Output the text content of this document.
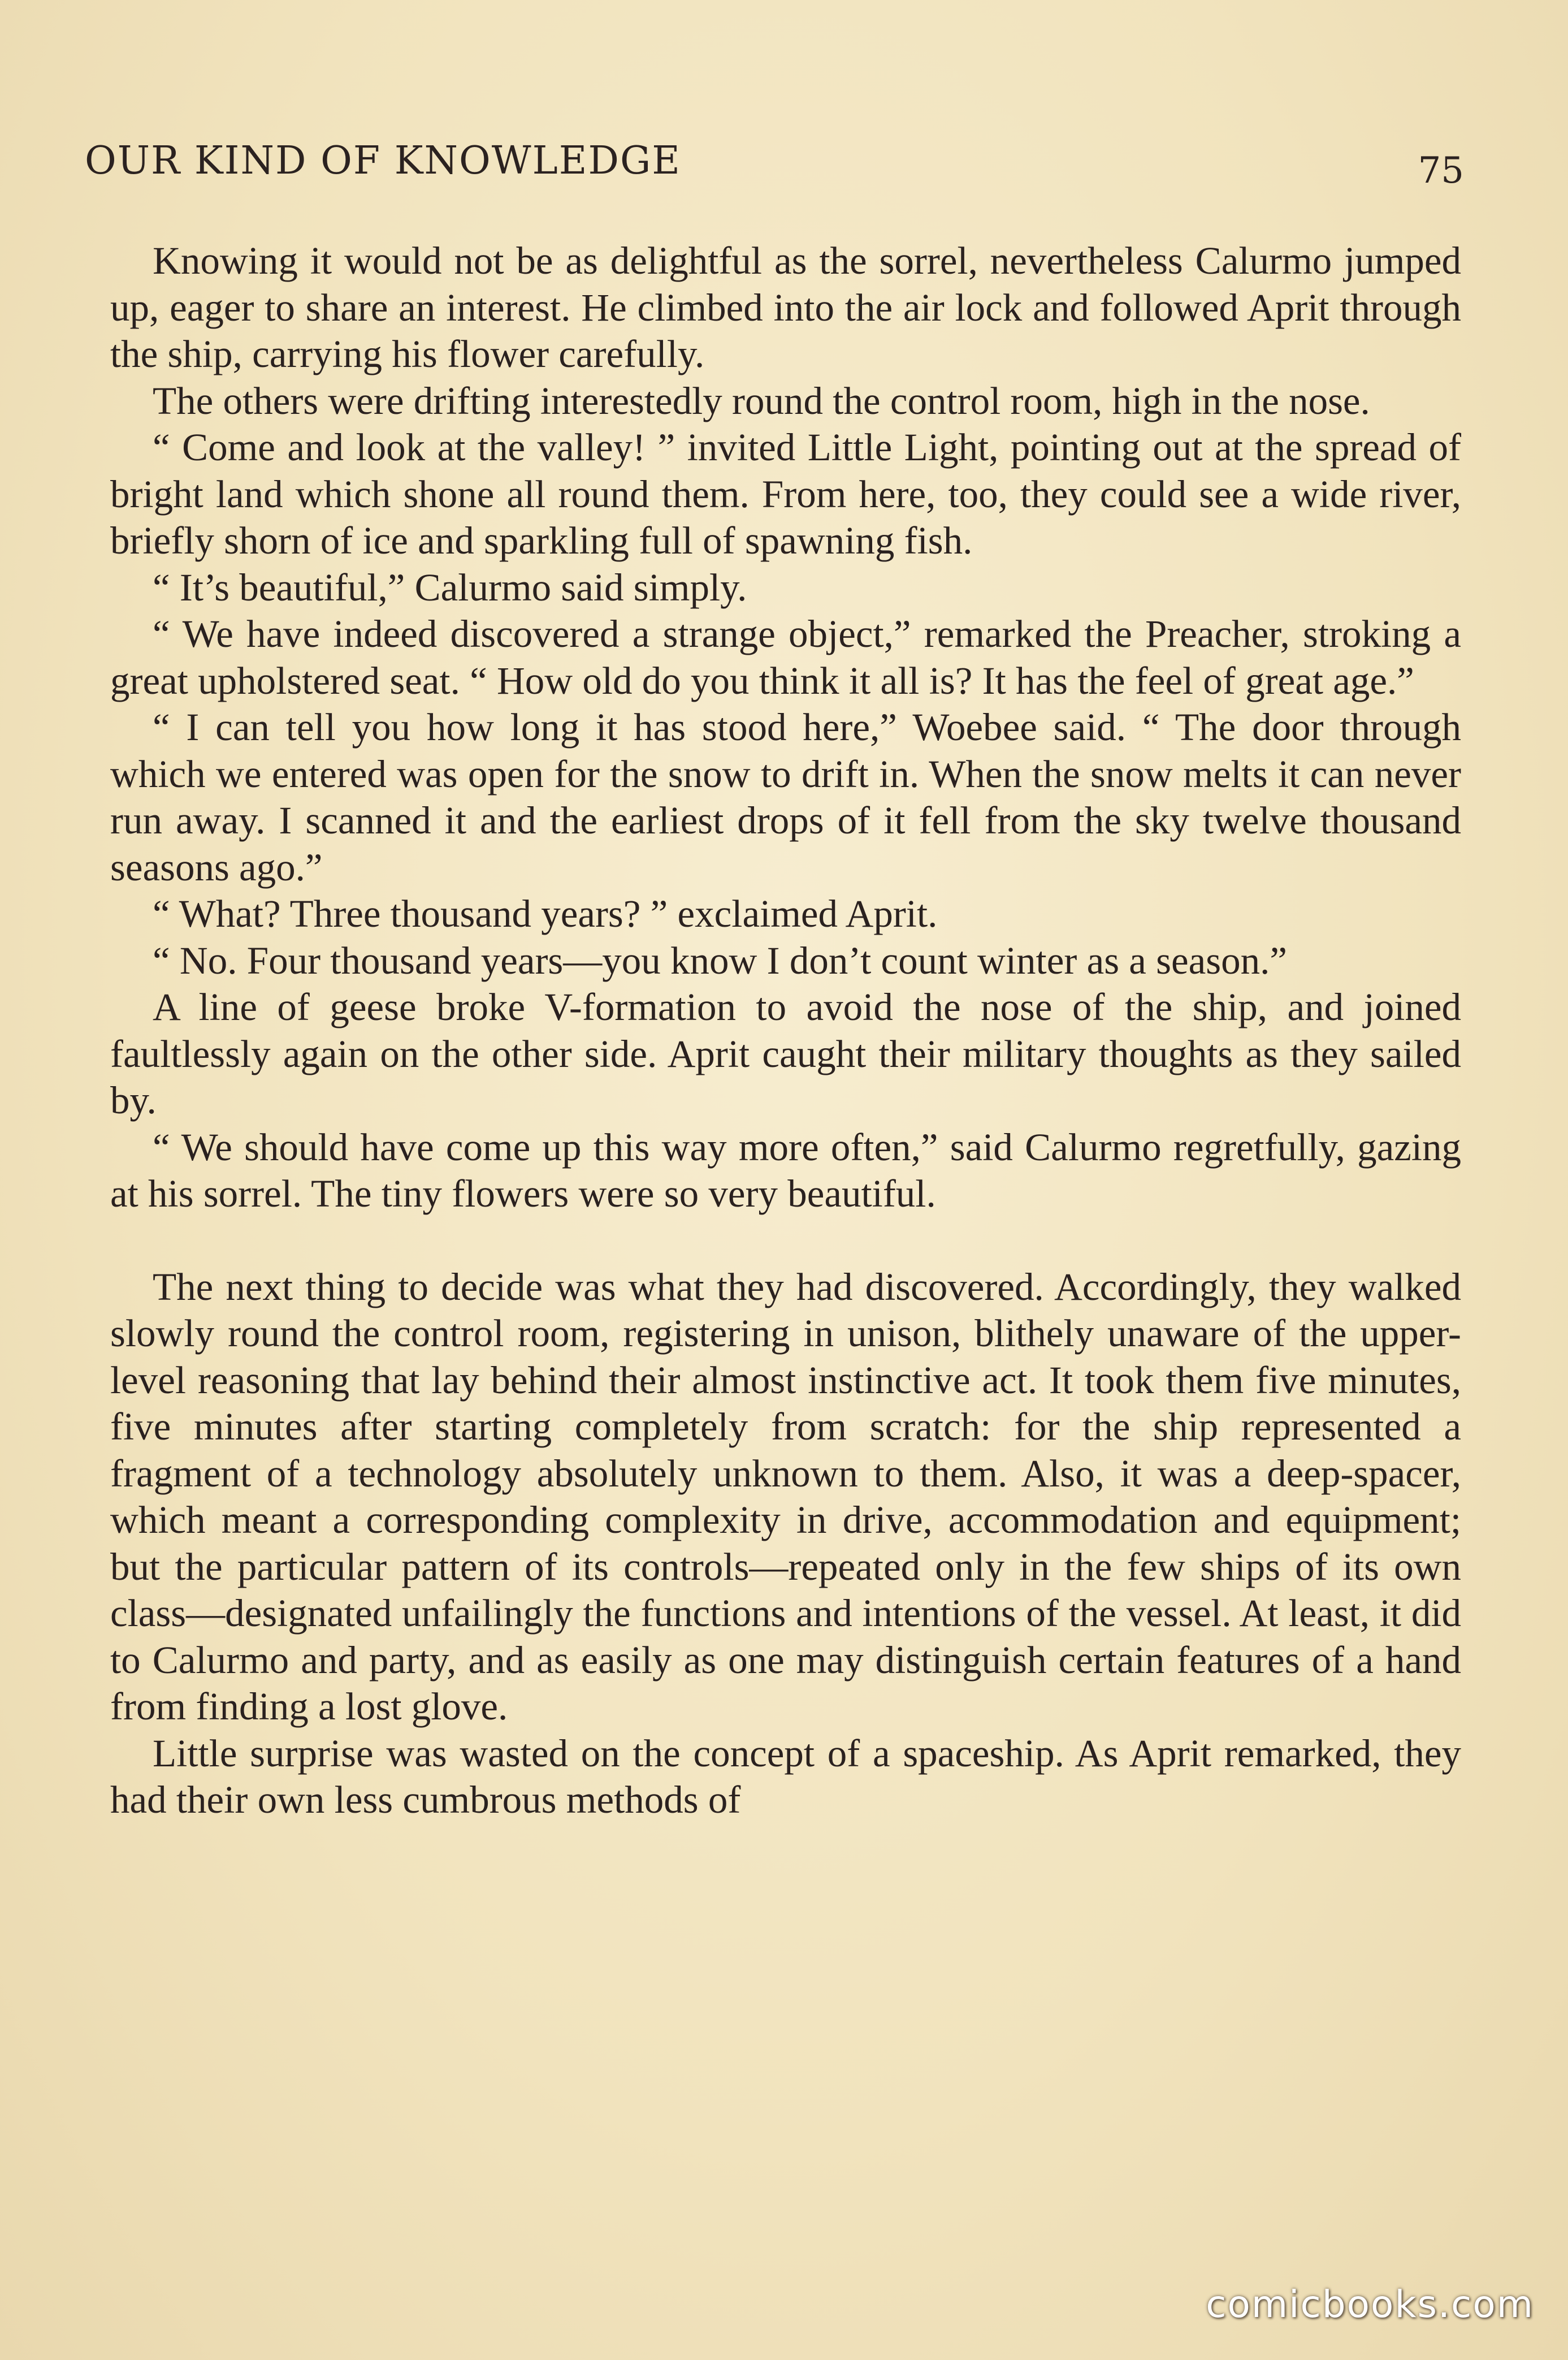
OUR KIND OF KNOWLEDGE	75

Knowing it would not be as delightful as the sorrel, nevertheless Calurmo jumped up, eager to share an interest. He climbed into the air lock and followed Aprit through the ship, carrying his flower carefully.

The others were drifting interestedly round the control room, high in the nose.

“ Come and look at the valley! ” invited Little Light, pointing out at the spread of bright land which shone all round them. From here, too, they could see a wide river, briefly shorn of ice and sparkling full of spawning fish.

“ It’s beautiful,” Calurmo said simply.

“ We have indeed discovered a strange object,” remarked the Preacher, stroking a great upholstered seat. “ How old do you think it all is? It has the feel of great age.”

“ I can tell you how long it has stood here,” Woebee said. “ The door through which we entered was open for the snow to drift in. When the snow melts it can never run away. I scanned it and the earliest drops of it fell from the sky twelve thousand seasons ago.”

“ What? Three thousand years? ” exclaimed Aprit.

“ No. Four thousand years—you know I don’t count winter as a season.”

A line of geese broke V-formation to avoid the nose of the ship, and joined faultlessly again on the other side. Aprit caught their military thoughts as they sailed by.

“ We should have come up this way more often,” said Calurmo regretfully, gazing at his sorrel. The tiny flowers were so very beautiful.

The next thing to decide was what they had discovered. Accordingly, they walked slowly round the control room, registering in unison, blithely unaware of the upper-level reasoning that lay behind their almost instinctive act. It took them five minutes, five minutes after starting completely from scratch: for the ship represented a fragment of a technology absolutely unknown to them. Also, it was a deep-spacer, which meant a corresponding complexity in drive, accommodation and equipment; but the particular pattern of its controls—repeated only in the few ships of its own class—designated unfailingly the functions and intentions of the vessel. At least, it did to Calurmo and party, and as easily as one may distinguish certain features of a hand from finding a lost glove.

Little surprise was wasted on the concept of a spaceship. As Aprit remarked, they had their own less cumbrous methods of

comicbooks.com
